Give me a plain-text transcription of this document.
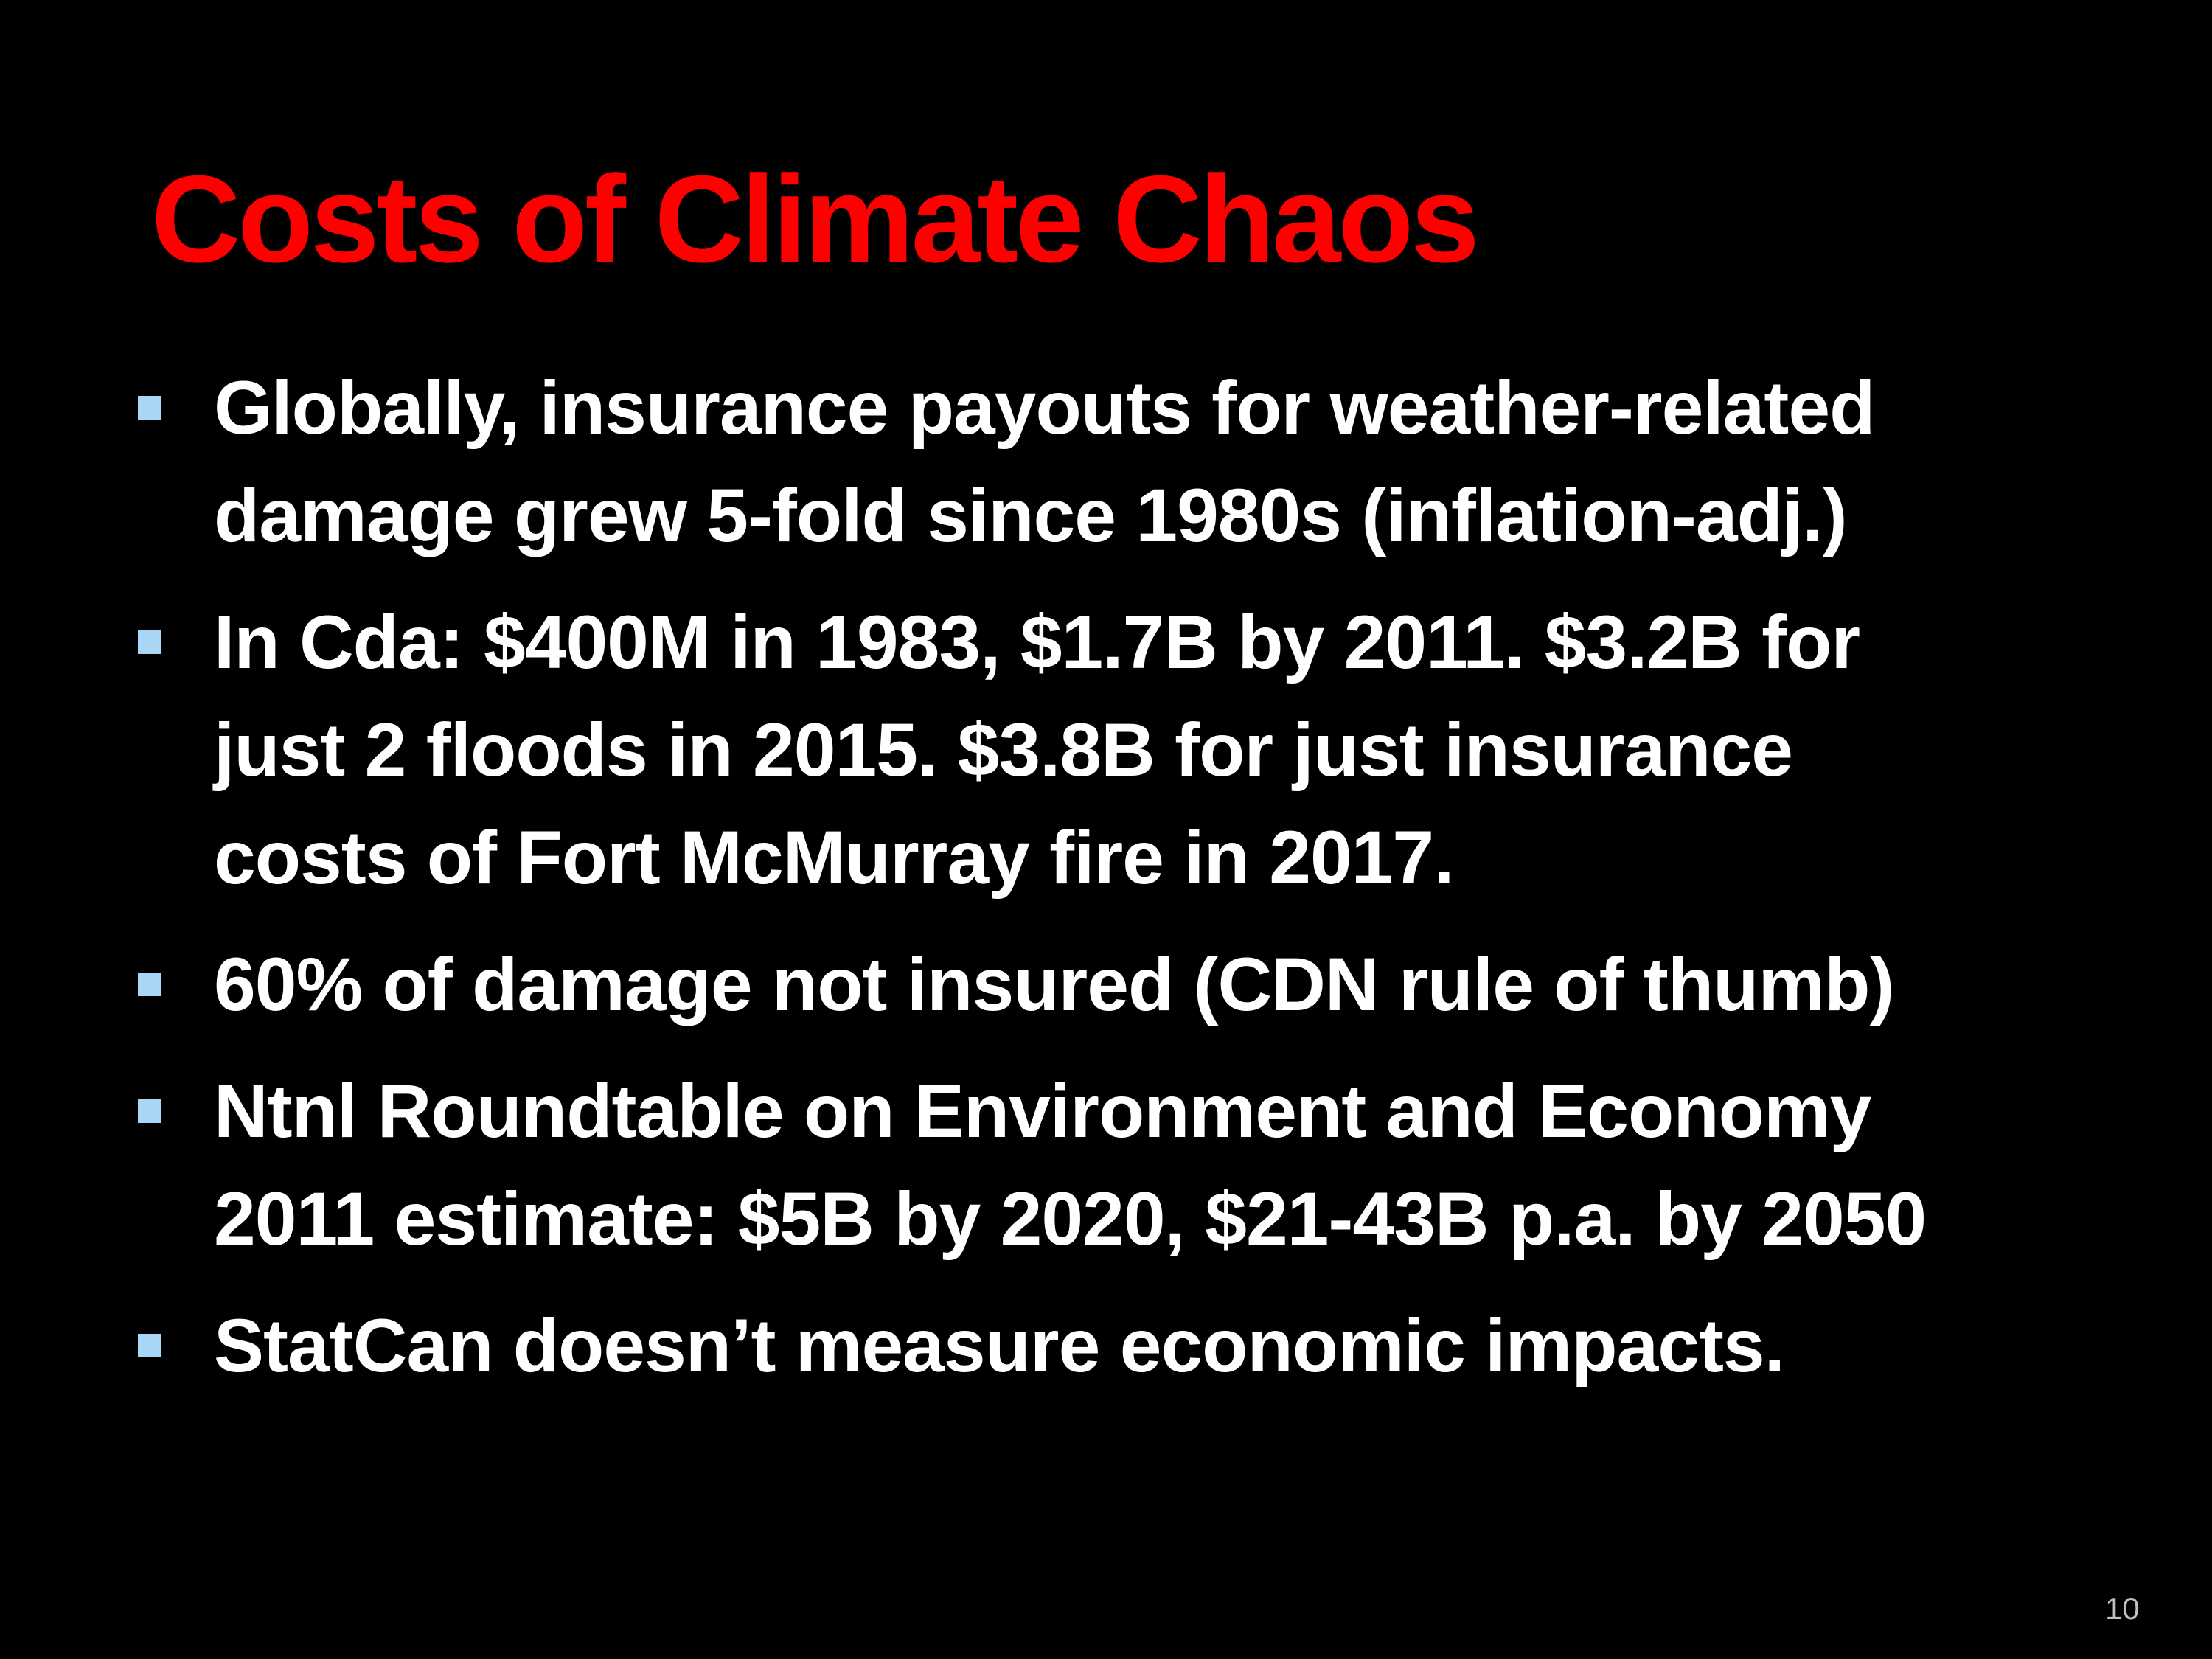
Costs of Climate Chaos
Globally, insurance payouts for weather-related
damage grew 5-fold since 1980s (inflation-adj.)
In Cda: $400M in 1983, $1.7B by 2011. $3.2B for
just 2 floods in 2015. $3.8B for just insurance
costs of Fort McMurray fire in 2017.
60% of damage not insured (CDN rule of thumb)
Ntnl Roundtable on Environment and Economy
2011 estimate: $5B by 2020, $21-43B p.a. by 2050
StatCan doesn’t measure economic impacts.
10
